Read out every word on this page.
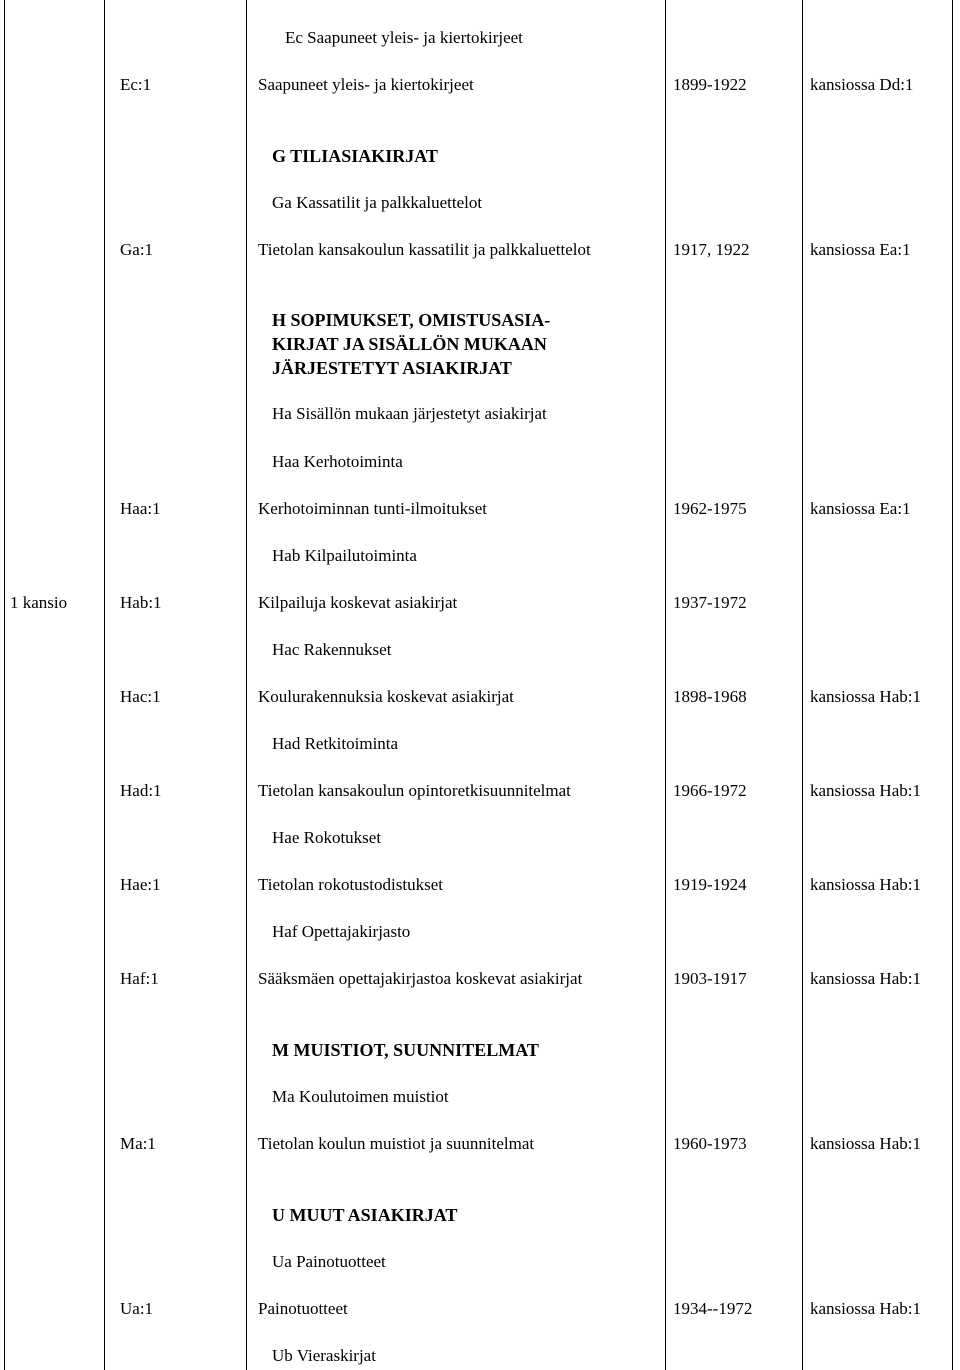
Ec Saapuneet yleis- ja kiertokirjeet
Ec:1	Saapuneet yleis- ja kiertokirjeet	1899-1922	kansiossa Dd:1
G TILIASIAKIRJAT
Ga Kassatilit ja palkkaluettelot
Ga:1	Tietolan kansakoulun kassatilit ja palkkaluettelot	1917, 1922	kansiossa Ea:1
H SOPIMUKSET, OMISTUSASIA-
KIRJAT JA SISÄLLÖN MUKAAN
JÄRJESTETYT ASIAKIRJAT
Ha Sisällön mukaan järjestetyt asiakirjat
Haa Kerhotoiminta
Haa:1	Kerhotoiminnan tunti-ilmoitukset	1962-1975	kansiossa Ea:1
Hab Kilpailutoiminta
1 kansio	Hab:1	Kilpailuja koskevat asiakirjat	1937-1972
Hac Rakennukset
Hac:1	Koulurakennuksia koskevat asiakirjat	1898-1968	kansiossa Hab:1
Had Retkitoiminta
Had:1	Tietolan kansakoulun opintoretkisuunnitelmat	1966-1972	kansiossa Hab:1
Hae Rokotukset
Hae:1	Tietolan rokotustodistukset	1919-1924	kansiossa Hab:1
Haf Opettajakirjasto
Haf:1	Sääksmäen opettajakirjastoa koskevat asiakirjat	1903-1917	kansiossa Hab:1
M MUISTIOT, SUUNNITELMAT
Ma Koulutoimen muistiot
Ma:1	Tietolan koulun muistiot ja suunnitelmat	1960-1973	kansiossa Hab:1
U MUUT ASIAKIRJAT
Ua Painotuotteet
Ua:1	Painotuotteet	1934--1972	kansiossa Hab:1
Ub Vieraskirjat
